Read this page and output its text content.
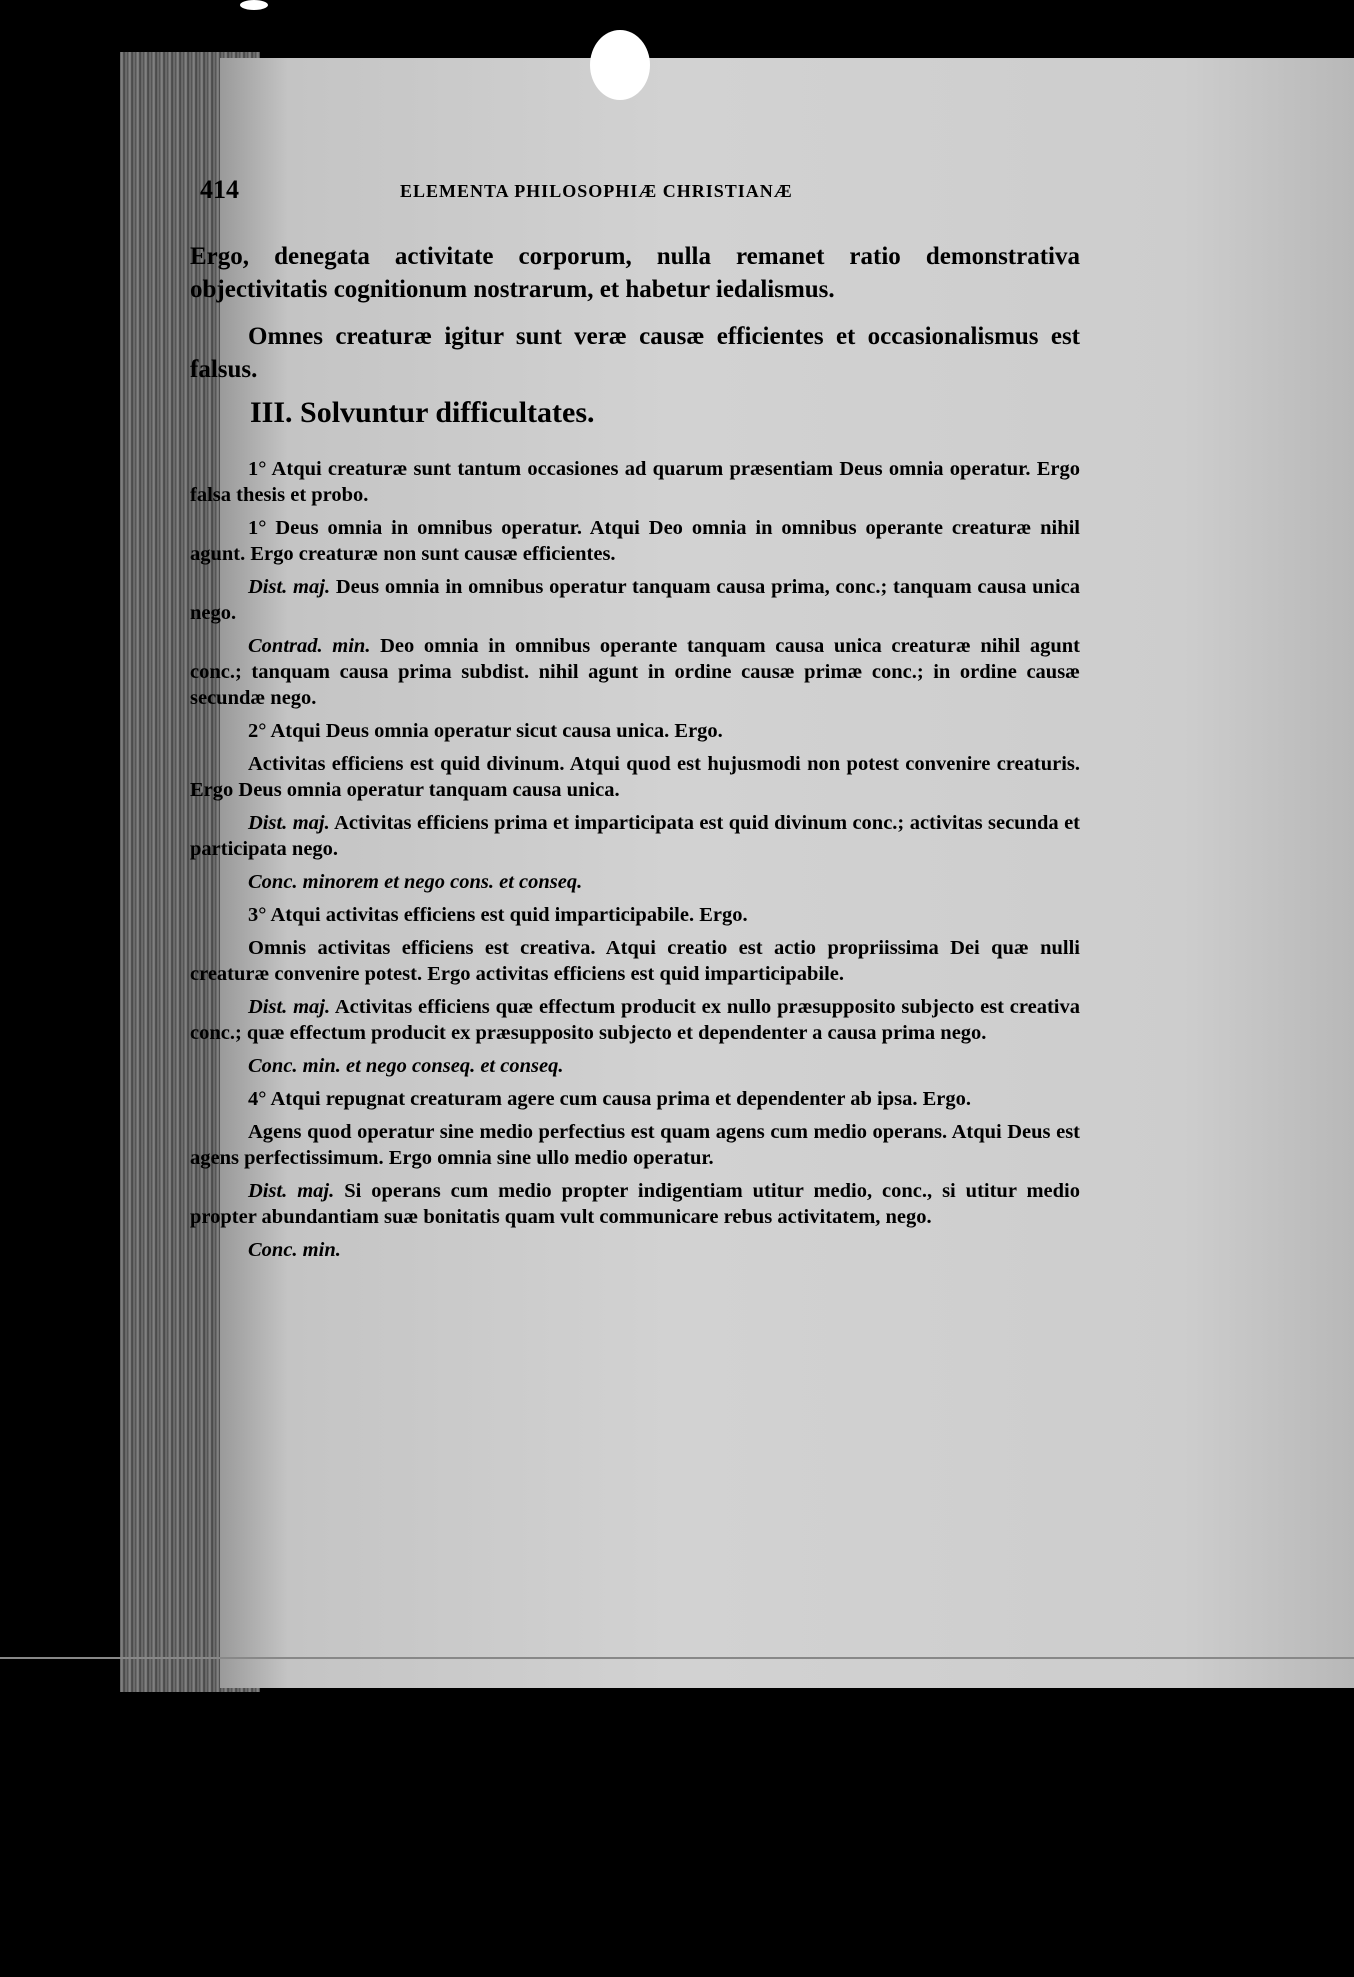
414	ELEMENTA PHILOSOPHIÆ CHRISTIANÆ

Ergo, denegata activitate corporum, nulla remanet ratio demonstrativa objectivitatis cognitionum nostrarum, et habetur iedalismus.

Omnes creaturæ igitur sunt veræ causæ efficientes et occasionalismus est falsus.

III. Solvuntur difficultates.

1° Atqui creaturæ sunt tantum occasiones ad quarum præsentiam Deus omnia operatur. Ergo falsa thesis et probo.

1° Deus omnia in omnibus operatur. Atqui Deo omnia in omnibus operante creaturæ nihil agunt. Ergo creaturæ non sunt causæ efficientes.

Dist. maj. Deus omnia in omnibus operatur tanquam causa prima, conc.; tanquam causa unica nego.

Contrad. min. Deo omnia in omnibus operante tanquam causa unica creaturæ nihil agunt conc.; tanquam causa prima subdist. nihil agunt in ordine causæ primæ conc.; in ordine causæ secundæ nego.

2° Atqui Deus omnia operatur sicut causa unica. Ergo.

Activitas efficiens est quid divinum. Atqui quod est hujusmodi non potest convenire creaturis. Ergo Deus omnia operatur tanquam causa unica.

Dist. maj. Activitas efficiens prima et imparticipata est quid divinum conc.; activitas secunda et participata nego.

Conc. minorem et nego cons. et conseq.

3° Atqui activitas efficiens est quid imparticipabile. Ergo.

Omnis activitas efficiens est creativa. Atqui creatio est actio propriissima Dei quæ nulli creaturæ convenire potest. Ergo activitas efficiens est quid imparticipabile.

Dist. maj. Activitas efficiens quæ effectum producit ex nullo præsupposito subjecto est creativa conc.; quæ effectum producit ex præsupposito subjecto et dependenter a causa prima nego.

Conc. min. et nego conseq. et conseq.

4° Atqui repugnat creaturam agere cum causa prima et dependenter ab ipsa. Ergo.

Agens quod operatur sine medio perfectius est quam agens cum medio operans. Atqui Deus est agens perfectissimum. Ergo omnia sine ullo medio operatur.

Dist. maj. Si operans cum medio propter indigentiam utitur medio, conc., si utitur medio propter abundantiam suæ bonitatis quam vult communicare rebus activitatem, nego.

Conc. min.
